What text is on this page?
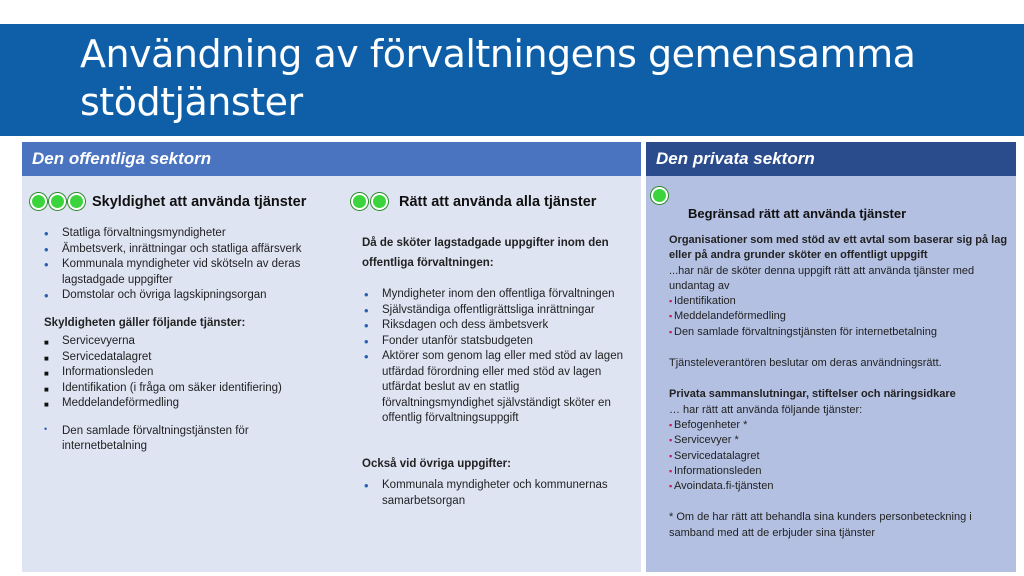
Användning av förvaltningens gemensamma stödtjänster
Den offentliga sektorn	Den privata sektorn
Skyldighet att använda tjänster
• Statliga förvaltningsmyndigheter
• Ämbetsverk, inrättningar och statliga affärsverk
• Kommunala myndigheter vid skötseln av deras lagstadgade uppgifter
• Domstolar och övriga lagskipningsorgan
Skyldigheten gäller följande tjänster:
■ Servicevyerna
■ Servicedatalagret
■ Informationsleden
■ Identifikation (i fråga om säker identifiering)
■ Meddelandeförmedling
• Den samlade förvaltningstjänsten för internetbetalning
Rätt att använda alla tjänster
Då de sköter lagstadgade uppgifter inom den offentliga förvaltningen:
• Myndigheter inom den offentliga förvaltningen
• Självständiga offentligrättsliga inrättningar
• Riksdagen och dess ämbetsverk
• Fonder utanför statsbudgeten
• Aktörer som genom lag eller med stöd av lagen utfärdad förordning eller med stöd av lagen utfärdat beslut av en statlig förvaltningsmyndighet självständigt sköter en offentlig förvaltningsuppgift
Också vid övriga uppgifter:
• Kommunala myndigheter och kommunernas samarbetsorgan
Begränsad rätt att använda tjänster
Organisationer som med stöd av ett avtal som baserar sig på lag eller på andra grunder sköter en offentligt uppgift
...har när de sköter denna uppgift rätt att använda tjänster med undantag av
▪ Identifikation
▪ Meddelandeförmedling
▪ Den samlade förvaltningstjänsten för internetbetalning
Tjänsteleverantören beslutar om deras användningsrätt.
Privata sammanslutningar, stiftelser och näringsidkare
… har rätt att använda följande tjänster:
▪ Befogenheter *
▪ Servicevyer *
▪ Servicedatalagret
▪ Informationsleden
▪ Avoindata.fi-tjänsten
* Om de har rätt att behandla sina kunders personbeteckning i samband med att de erbjuder sina tjänster
